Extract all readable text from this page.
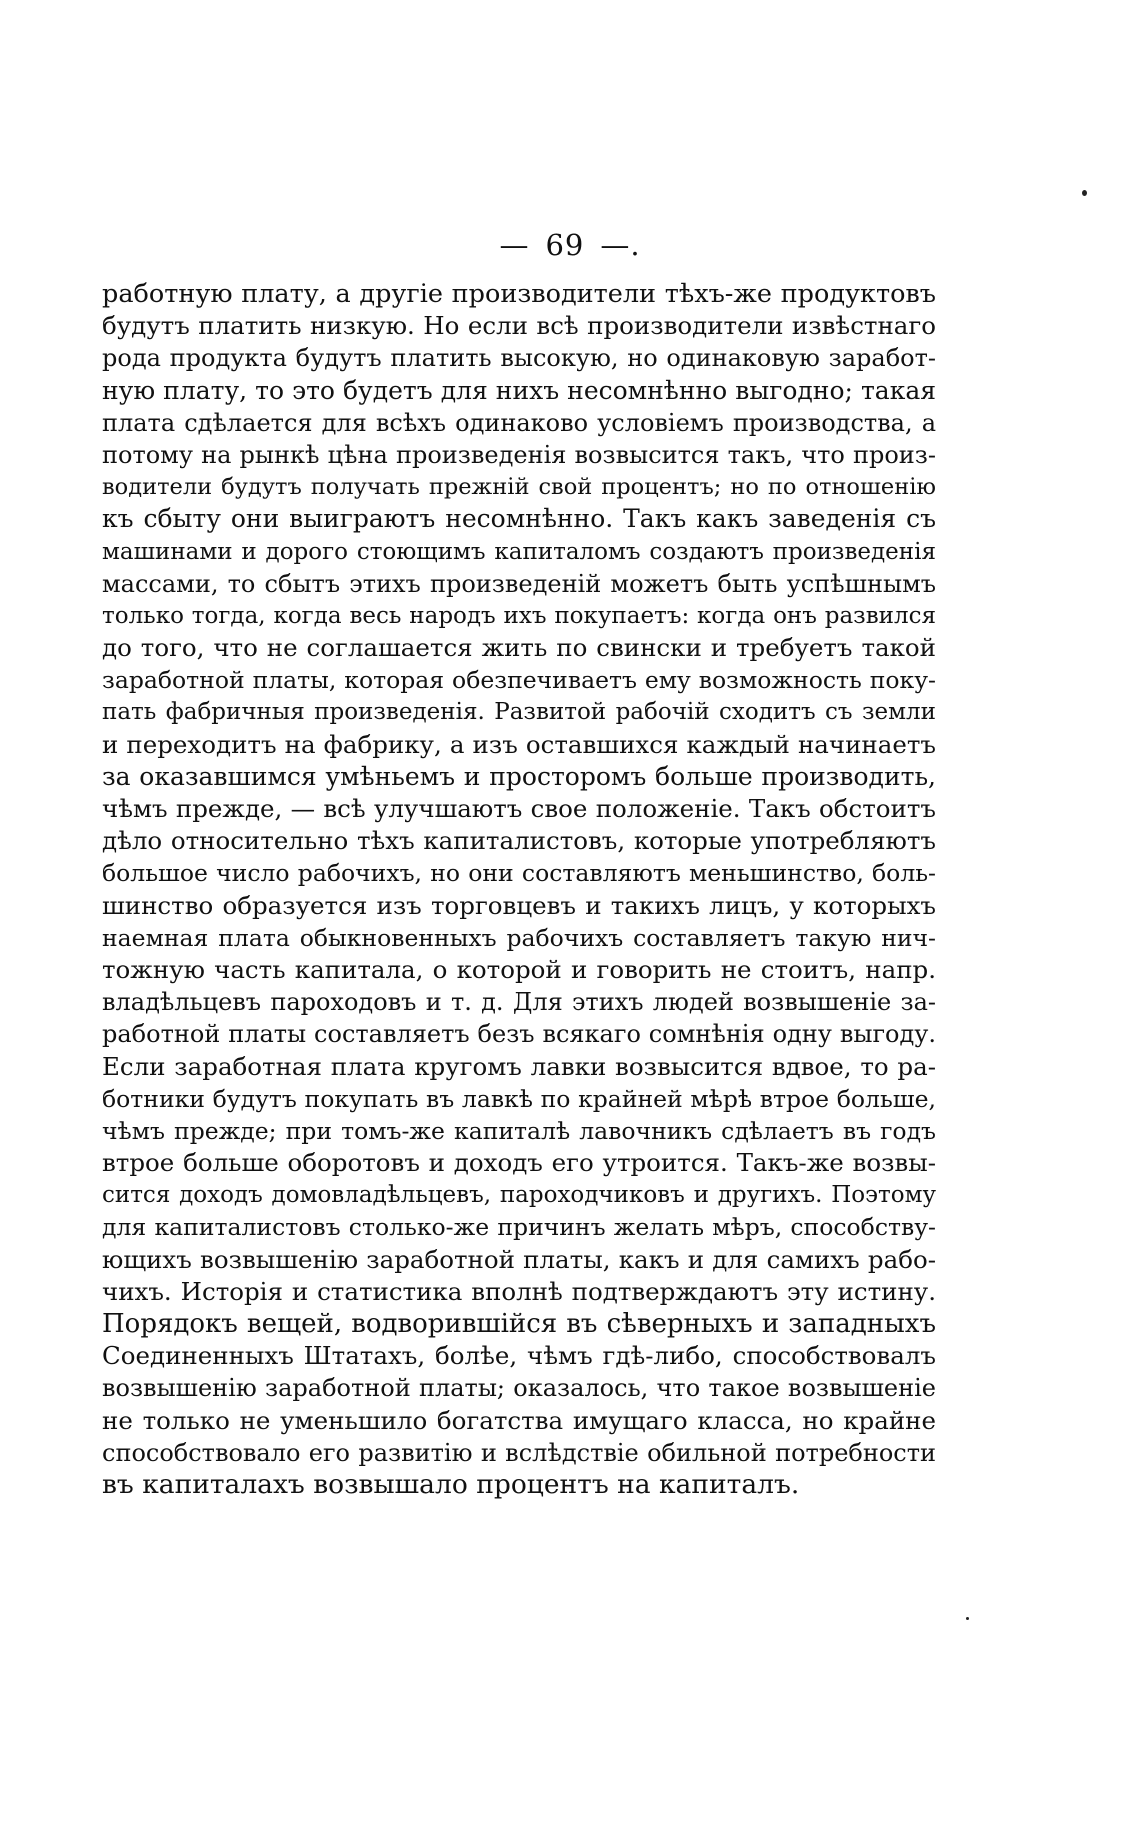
— 69 —.
работную плату, а другіе производители тѣхъ-же продуктовъ
будутъ платить низкую. Но если всѣ производители извѣстнаго
рода продукта будутъ платить высокую, но одинаковую заработ-
ную плату, то это будетъ для нихъ несомнѣнно выгодно; такая
плата сдѣлается для всѣхъ одинаково условіемъ производства, а
потому на рынкѣ цѣна произведенія возвысится такъ, что произ-
водители будутъ получать прежній свой процентъ; но по отношенію
къ сбыту они выиграютъ несомнѣнно. Такъ какъ заведенія съ
машинами и дорого стоющимъ капиталомъ создаютъ произведенія
массами, то сбытъ этихъ произведеній можетъ быть успѣшнымъ
только тогда, когда весь народъ ихъ покупаетъ: когда онъ развился
до того, что не соглашается жить по свински и требуетъ такой
заработной платы, которая обезпечиваетъ ему возможность поку-
пать фабричныя произведенія. Развитой рабочій сходитъ съ земли
и переходитъ на фабрику, а изъ оставшихся каждый начинаетъ
за оказавшимся умѣньемъ и просторомъ больше производить,
чѣмъ прежде, — всѣ улучшаютъ свое положеніе. Такъ обстоитъ
дѣло относительно тѣхъ капиталистовъ, которые употребляютъ
большое число рабочихъ, но они составляютъ меньшинство, боль-
шинство образуется изъ торговцевъ и такихъ лицъ, у которыхъ
наемная плата обыкновенныхъ рабочихъ составляетъ такую нич-
тожную часть капитала, о которой и говорить не стоитъ, напр.
владѣльцевъ пароходовъ и т. д. Для этихъ людей возвышеніе за-
работной платы составляетъ безъ всякаго сомнѣнія одну выгоду.
Если заработная плата кругомъ лавки возвысится вдвое, то ра-
ботники будутъ покупать въ лавкѣ по крайней мѣрѣ втрое больше,
чѣмъ прежде; при томъ-же капиталѣ лавочникъ сдѣлаетъ въ годъ
втрое больше оборотовъ и доходъ его утроится. Такъ-же возвы-
сится доходъ домовладѣльцевъ, пароходчиковъ и другихъ. Поэтому
для капиталистовъ столько-же причинъ желать мѣръ, способству-
ющихъ возвышенію заработной платы, какъ и для самихъ рабо-
чихъ. Исторія и статистика вполнѣ подтверждаютъ эту истину.
Порядокъ вещей, водворившійся въ сѣверныхъ и западныхъ
Соединенныхъ Штатахъ, болѣе, чѣмъ гдѣ-либо, способствовалъ
возвышенію заработной платы; оказалось, что такое возвышеніе
не только не уменьшило богатства имущаго класса, но крайне
способствовало его развитію и вслѣдствіе обильной потребности
въ капиталахъ возвышало процентъ на капиталъ.
